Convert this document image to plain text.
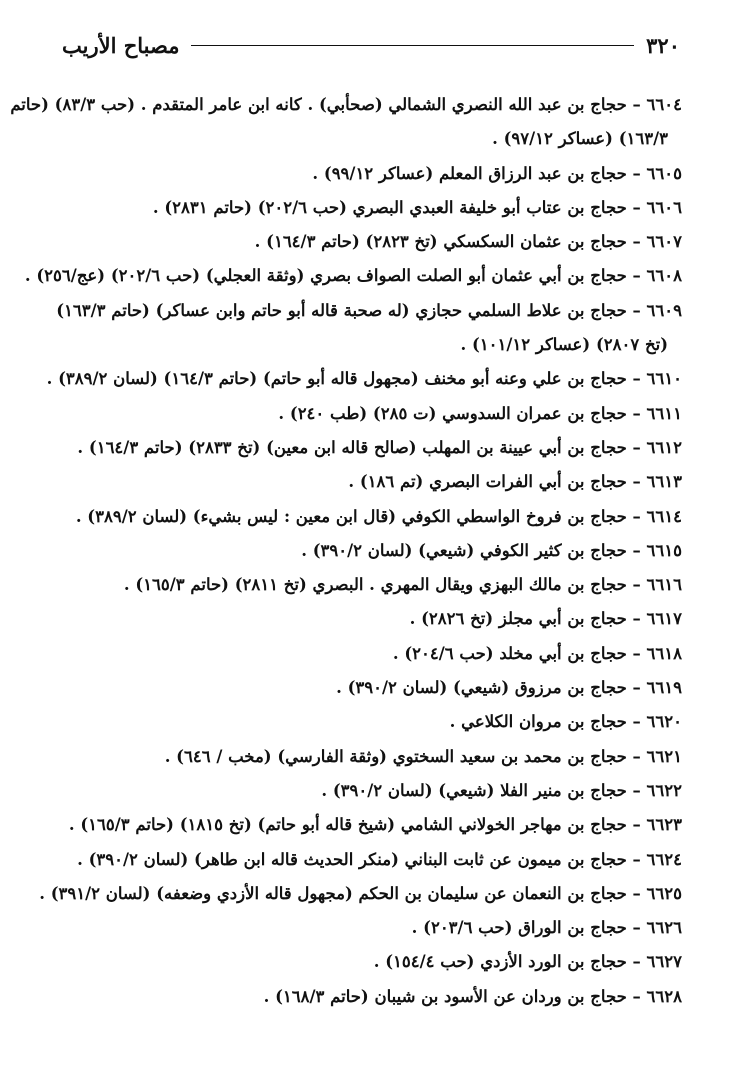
٣٢٠
مصباح الأريب
٦٦٠٤ – حجاج بن عبد الله النصري الشمالي (صحأبي) . كانه ابن عامر المتقدم . (حب ٨٣/٣) (حاتم
١٦٣/٣) (عساكر ٩٧/١٢) .
٦٦٠٥ – حجاج بن عبد الرزاق المعلم (عساكر ٩٩/١٢) .
٦٦٠٦ – حجاج بن عتاب أبو خليفة العبدي البصري (حب ٢٠٢/٦) (حاتم ٢٨٣١) .
٦٦٠٧ – حجاج بن عثمان السكسكي (تخ ٢٨٢٣) (حاتم ١٦٤/٣) .
٦٦٠٨ – حجاج بن أبي عثمان أبو الصلت الصواف بصري (وثقة العجلي) (حب ٢٠٢/٦) (عج/٢٥٦) .
٦٦٠٩ – حجاج بن علاط السلمي حجازي (له صحبة قاله أبو حاتم وابن عساكر) (حاتم ١٦٣/٣)
(تخ ٢٨٠٧) (عساكر ١٠١/١٢) .
٦٦١٠ – حجاج بن علي وعنه أبو مخنف (مجهول قاله أبو حاتم) (حاتم ١٦٤/٣) (لسان ٣٨٩/٢) .
٦٦١١ – حجاج بن عمران السدوسي (ت ٢٨٥) (طب ٢٤٠) .
٦٦١٢ – حجاج بن أبي عيينة بن المهلب (صالح قاله ابن معين) (تخ ٢٨٣٣) (حاتم ١٦٤/٣) .
٦٦١٣ – حجاج بن أبي الفرات البصري (تم ١٨٦) .
٦٦١٤ – حجاج بن فروخ الواسطي الكوفي (قال ابن معين : ليس بشيء) (لسان ٣٨٩/٢) .
٦٦١٥ – حجاج بن كثير الكوفي (شيعي) (لسان ٣٩٠/٢) .
٦٦١٦ – حجاج بن مالك البهزي ويقال المهري . البصري (تخ ٢٨١١) (حاتم ١٦٥/٣) .
٦٦١٧ – حجاج بن أبي مجلز (تخ ٢٨٢٦) .
٦٦١٨ – حجاج بن أبي مخلد (حب ٢٠٤/٦) .
٦٦١٩ – حجاج بن مرزوق (شيعي) (لسان ٣٩٠/٢) .
٦٦٢٠ – حجاج بن مروان الكلاعي .
٦٦٢١ – حجاج بن محمد بن سعيد السختوي (وثقة الفارسي) (مخب / ٦٤٦) .
٦٦٢٢ – حجاج بن منير الفلا (شيعي) (لسان ٣٩٠/٢) .
٦٦٢٣ – حجاج بن مهاجر الخولاني الشامي (شيخ قاله أبو حاتم) (تخ ١٨١٥) (حاتم ١٦٥/٣) .
٦٦٢٤ – حجاج بن ميمون عن ثابت البناني (منكر الحديث قاله ابن طاهر) (لسان ٣٩٠/٢) .
٦٦٢٥ – حجاج بن النعمان عن سليمان بن الحكم (مجهول قاله الأزدي وضعفه) (لسان ٣٩١/٢) .
٦٦٢٦ – حجاج بن الوراق (حب ٢٠٣/٦) .
٦٦٢٧ – حجاج بن الورد الأزدي (حب ١٥٤/٤) .
٦٦٢٨ – حجاج بن وردان عن الأسود بن شيبان (حاتم ١٦٨/٣) .
